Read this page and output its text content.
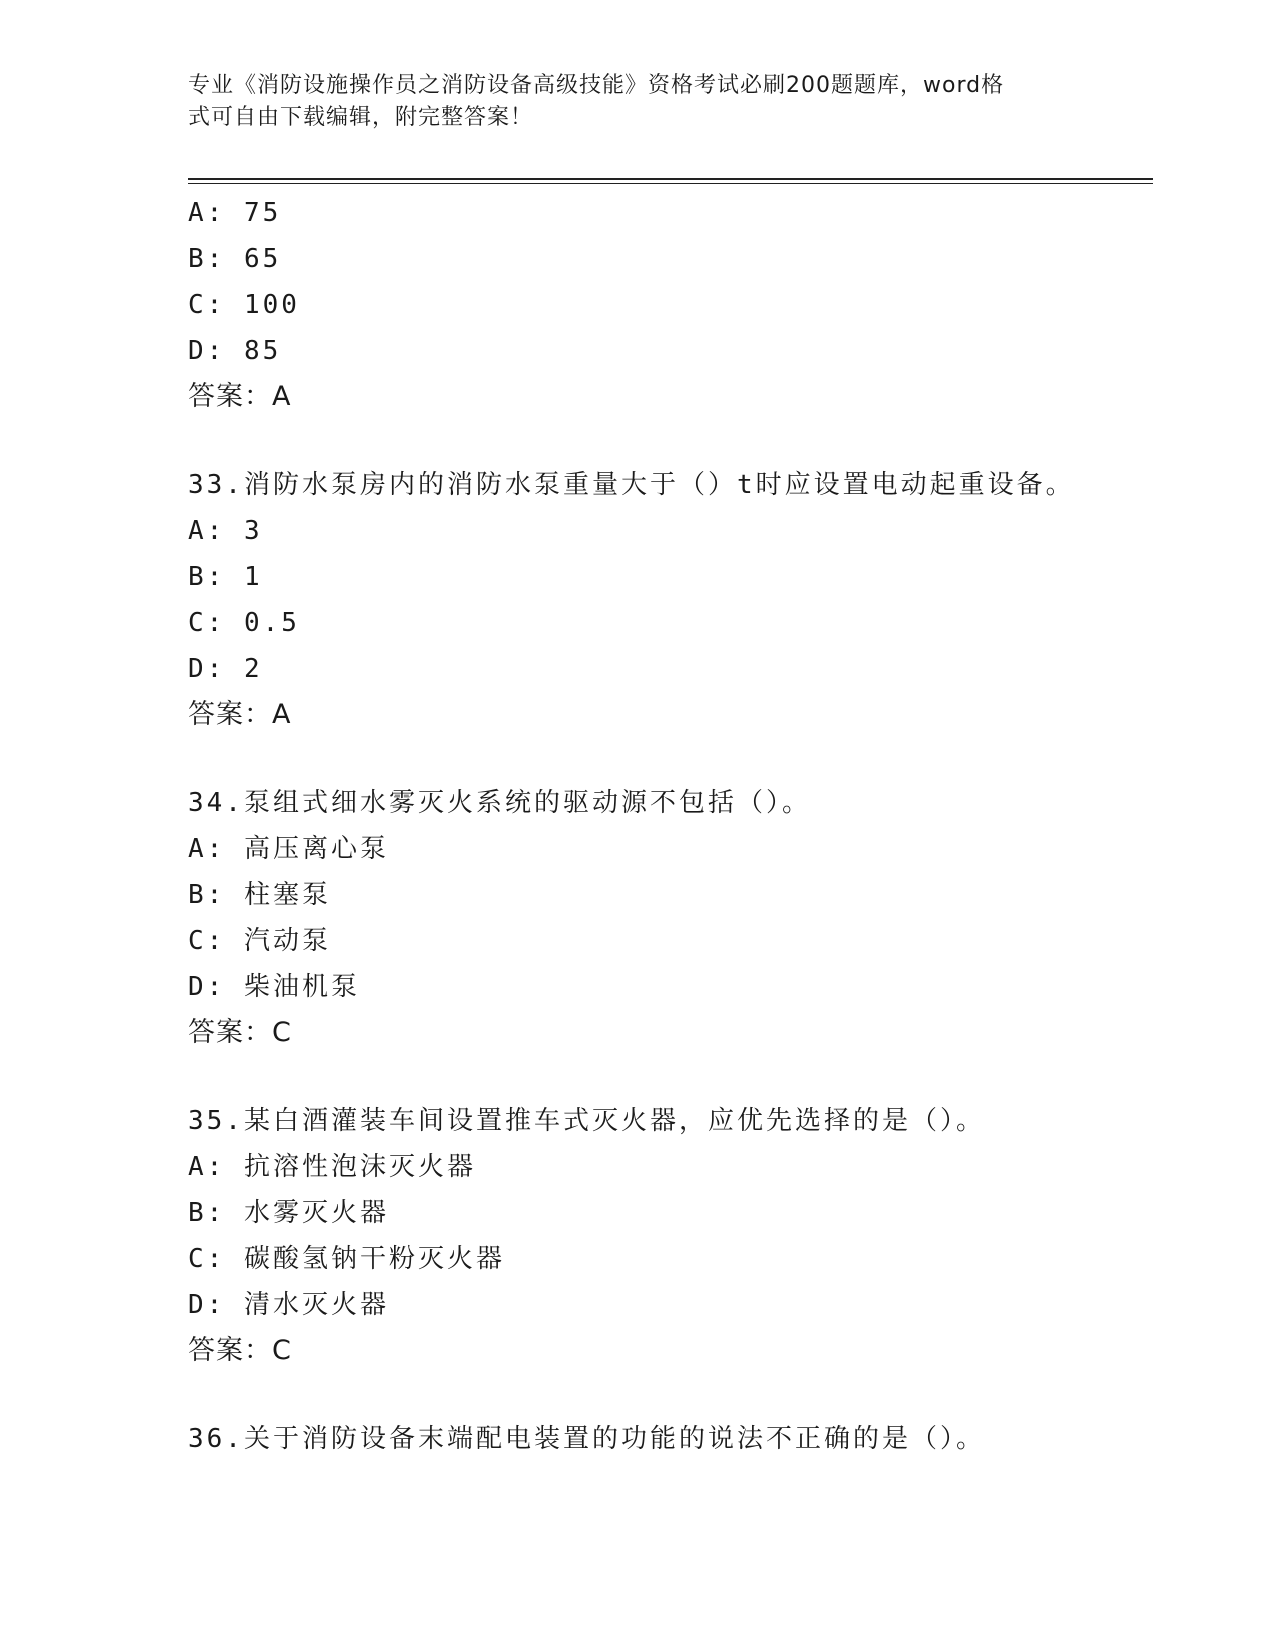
专业《消防设施操作员之消防设备高级技能》资格考试必刷200题题库，word格
式可自由下载编辑，附完整答案！
A: 75
B: 65
C: 100
D: 85
答案：A
33.消防水泵房内的消防水泵重量大于（）t时应设置电动起重设备。
A: 3
B: 1
C: 0.5
D: 2
答案：A
34.泵组式细水雾灭火系统的驱动源不包括（）。
A: 高压离心泵
B: 柱塞泵
C: 汽动泵
D: 柴油机泵
答案：C
35.某白酒灌装车间设置推车式灭火器，应优先选择的是（）。
A: 抗溶性泡沫灭火器
B: 水雾灭火器
C: 碳酸氢钠干粉灭火器
D: 清水灭火器
答案：C
36.关于消防设备末端配电装置的功能的说法不正确的是（）。
